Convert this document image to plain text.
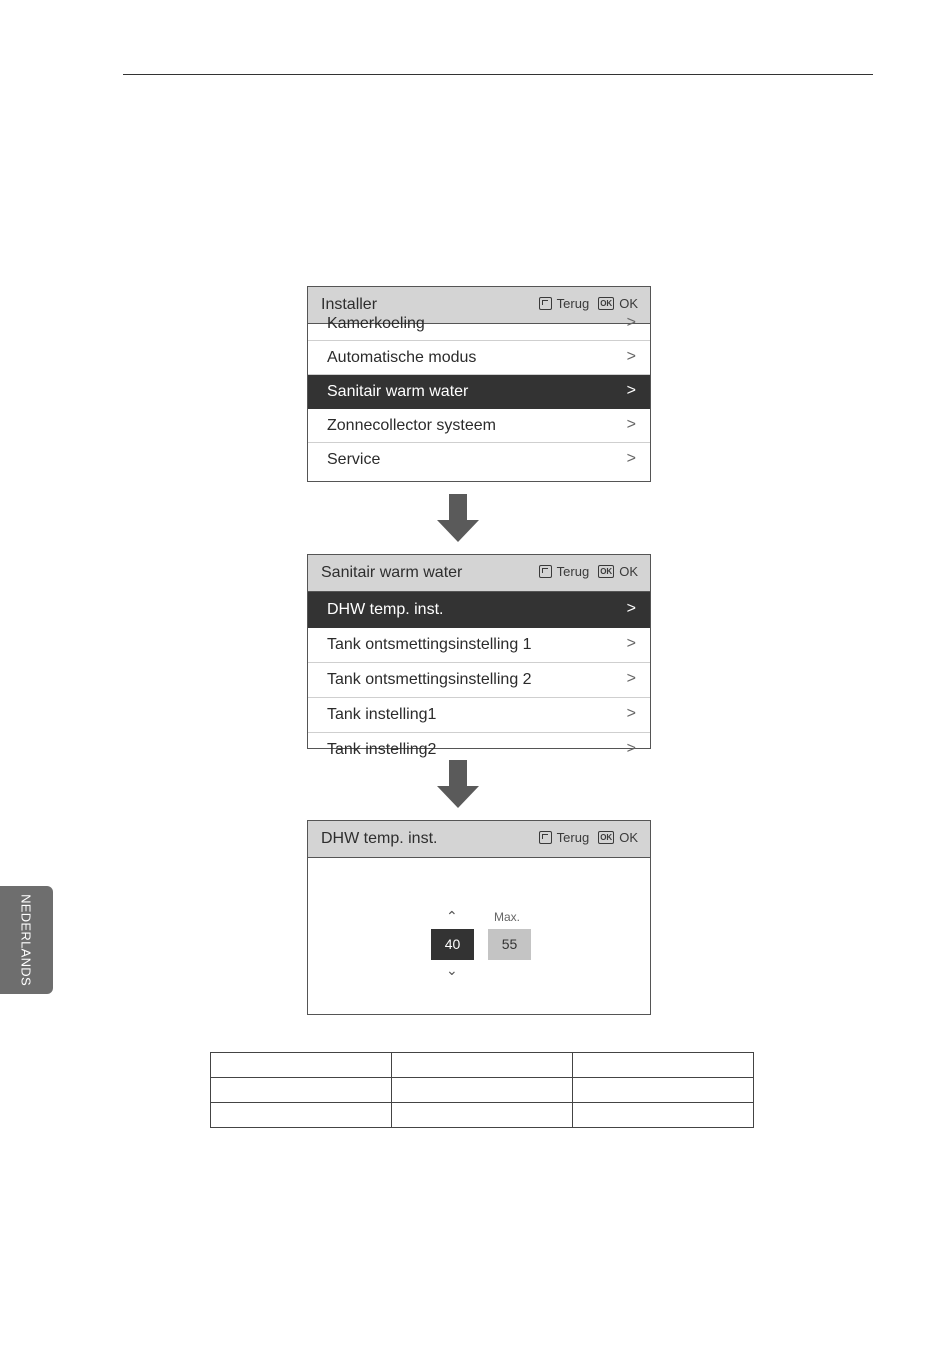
Installer	Terug OK OK
Kamerkoeling	>
Automatische modus	>
Sanitair warm water	>
Zonnecollector systeem	>
Service	>
Sanitair warm water	Terug OK OK
DHW temp. inst.	>
Tank ontsmettingsinstelling 1	>
Tank ontsmettingsinstelling 2	>
Tank instelling1	>
Tank instelling2	>
DHW temp. inst.	Terug OK OK
⌃
40
⌄
Max.
55

NEDERLANDS
